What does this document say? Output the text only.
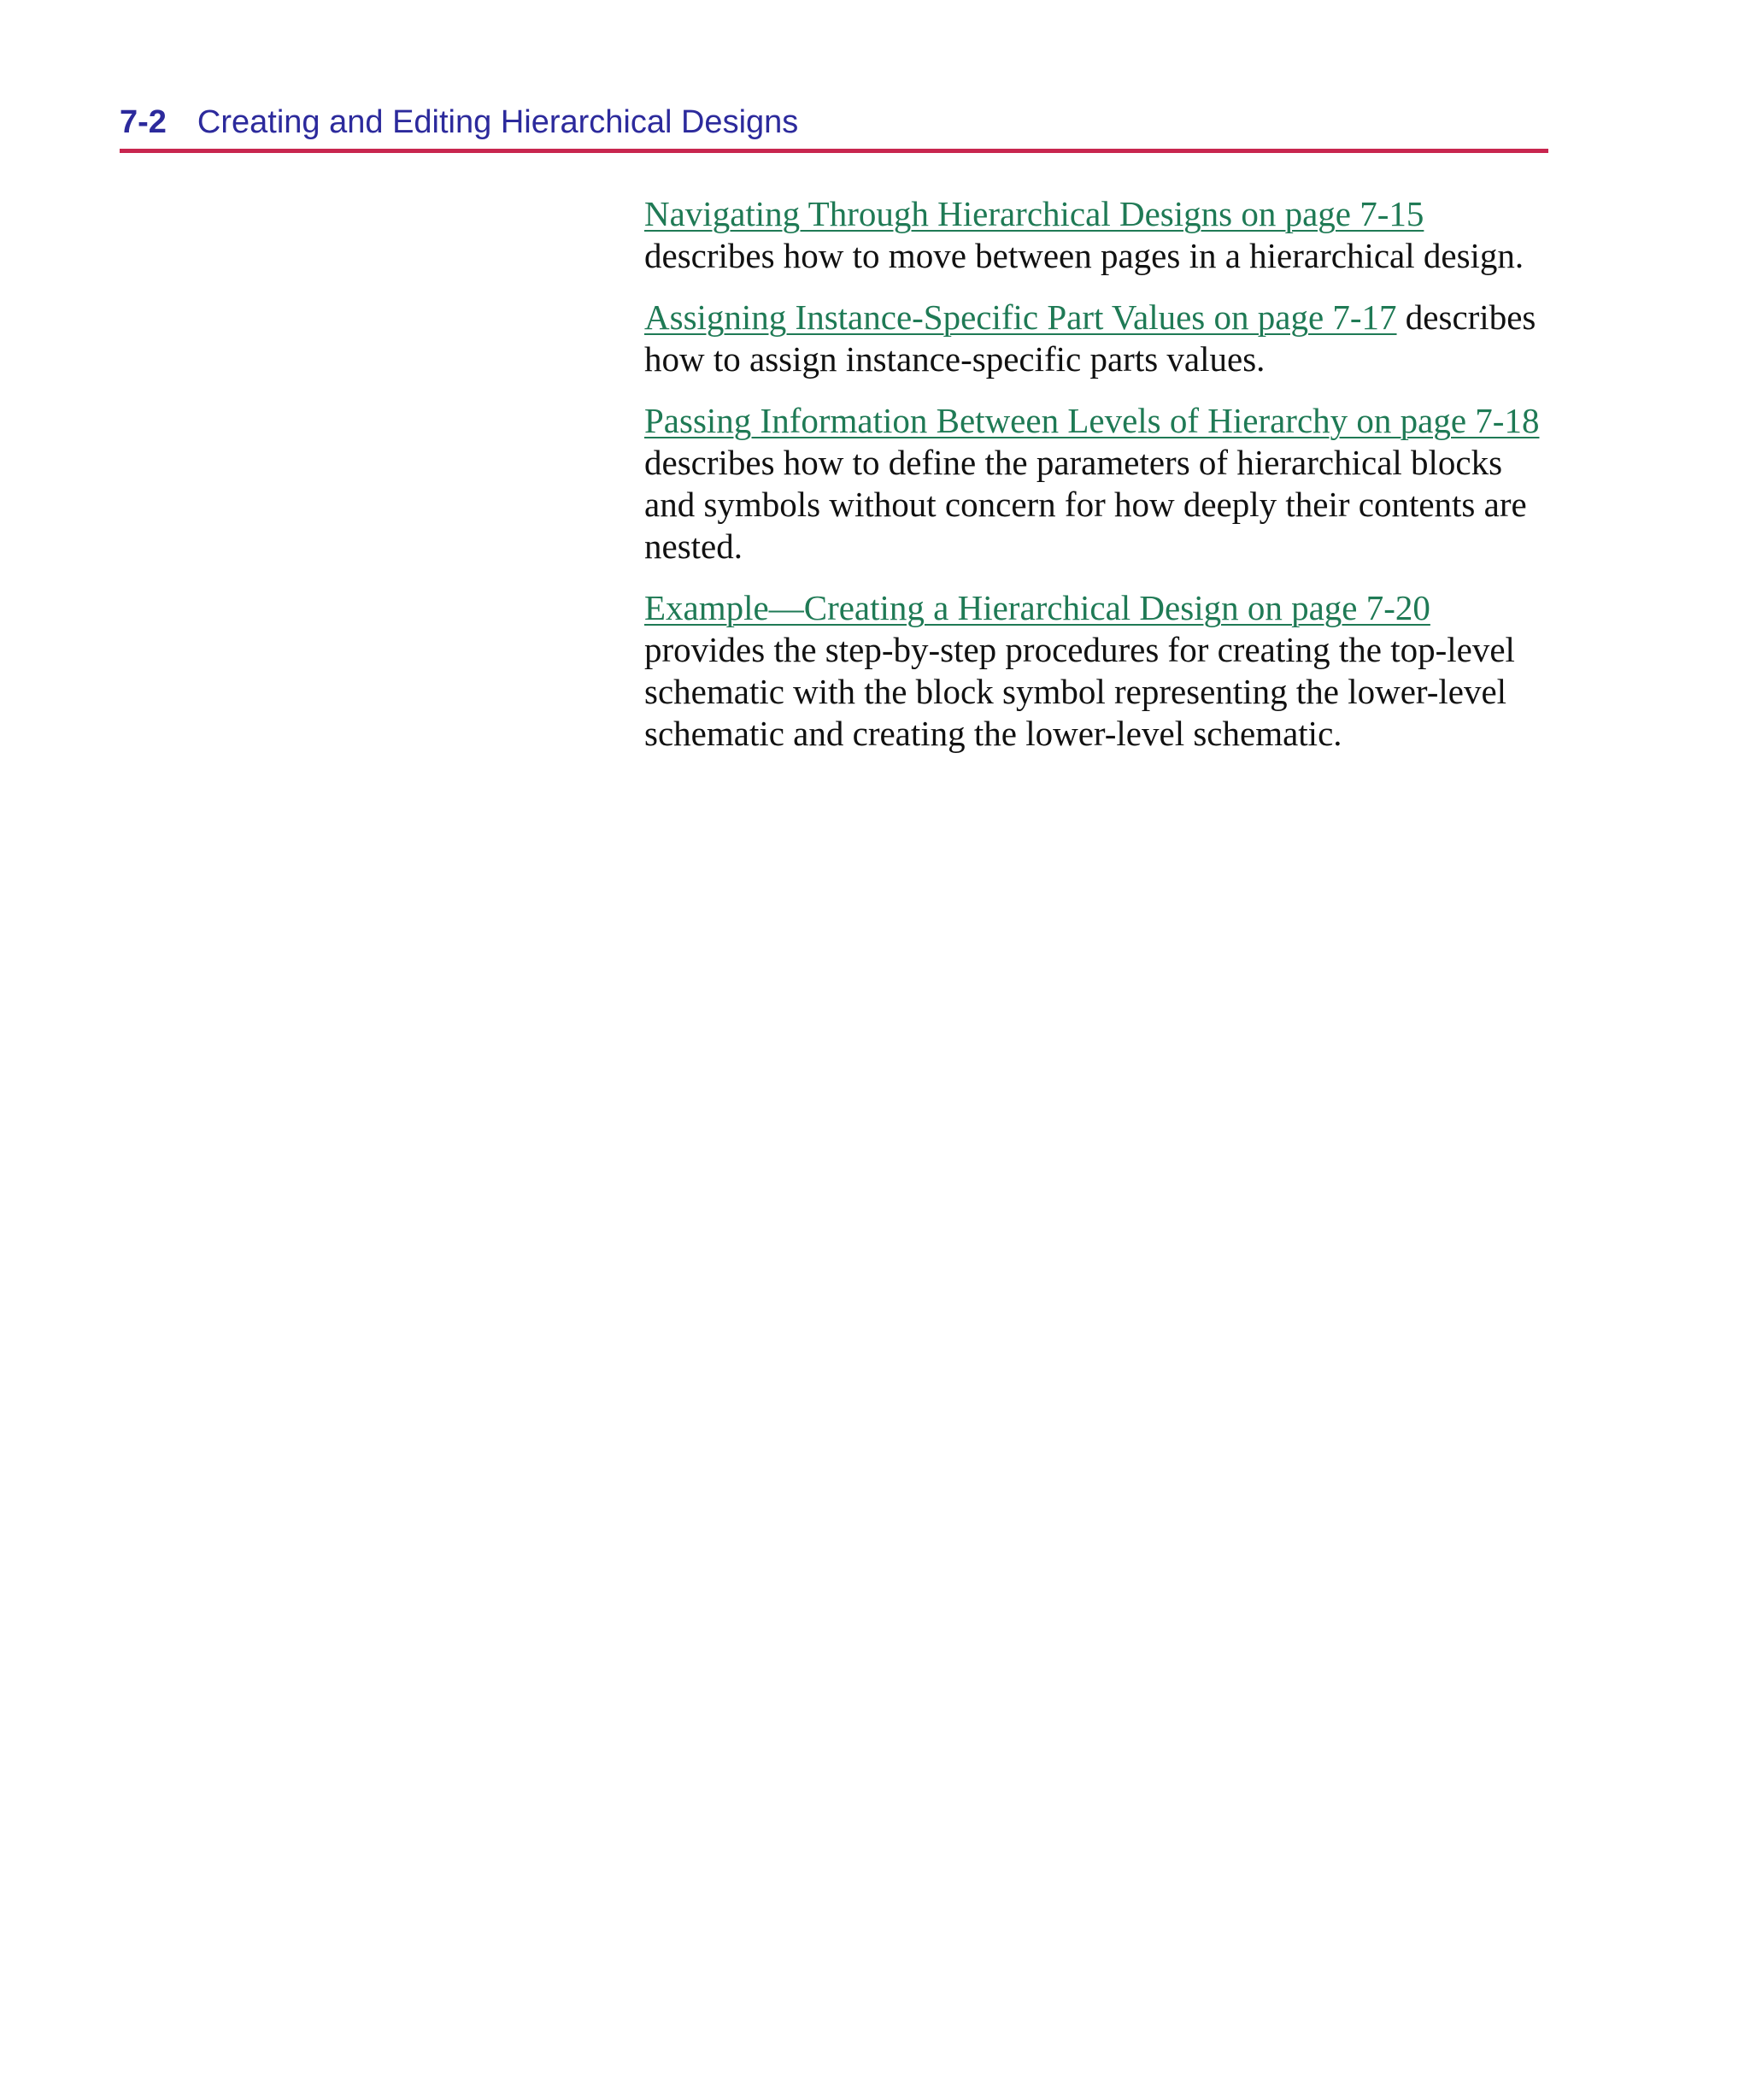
7-2 Creating and Editing Hierarchical Designs

Navigating Through Hierarchical Designs on page 7-15
describes how to move between pages in a hierarchical design.

Assigning Instance-Specific Part Values on page 7-17 describes how to assign instance-specific parts values.

Passing Information Between Levels of Hierarchy on page 7-18
describes how to define the parameters of hierarchical blocks and symbols without concern for how deeply their contents are nested.

Example—Creating a Hierarchical Design on page 7-20
provides the step-by-step procedures for creating the top-level schematic with the block symbol representing the lower-level schematic and creating the lower-level schematic.
